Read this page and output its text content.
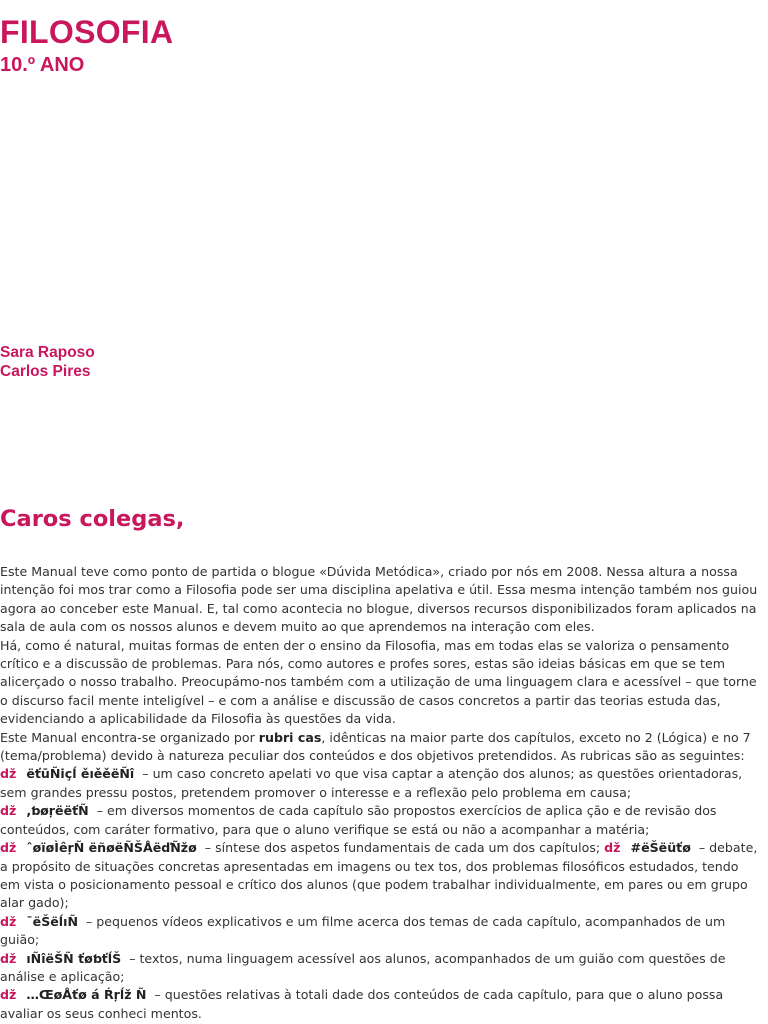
FILOSOFIA
10.º ANO
Sara Raposo
Carlos Pires
Caros colegas,

Este Manual teve como ponto de partida o blogue «Dúvida Metódica», criado por nós em 2008. Nessa altura a nossa intenção foi mos trar como a Filosofia pode ser uma disciplina apelativa e útil. Essa mesma intenção também nos guiou agora ao conceber este Manual. E, tal como acontecia no blogue, diversos recursos disponibilizados foram aplicados na sala de aula com os nossos alunos e devem muito ao que aprendemos na interação com eles.

Há, como é natural, muitas formas de enten der o ensino da Filosofia, mas em todas elas se valoriza o pensamento crítico e a discussão de problemas. Para nós, como autores e profes sores, estas são ideias básicas em que se tem alicerçado o nosso trabalho. Preocupámo-nos também com a utilização de uma linguagem clara e acessível – que torne o discurso facil mente inteligível – e com a análise e discussão de casos concretos a partir das teorias estuda das, evidenciando a aplicabilidade da Filosofia às questões da vida.

Este Manual encontra-se organizado por rubri cas, idênticas na maior parte dos capítulos, exceto no 2 (Lógica) e no 7 (tema/problema) devido à natureza peculiar dos conteúdos e dos objetivos pretendidos. As rubricas são as seguintes:

dž ëťūÑiçĺ ěıěěëÑî – um caso concreto apelati vo que visa captar a atenção dos alunos; as questões orientadoras, sem grandes pressu postos, pretendem promover o interesse e a reflexão pelo problema em causa;

dž ,ƅøŗëëťÑ – em diversos momentos de cada capítulo são propostos exercícios de aplica ção e de revisão dos conteúdos, com caráter formativo, para que o aluno verifique se está ou não a acompanhar a matéria;

dž ˆøïøÌêŗÑ ëñøëÑŠÅëďÑžø – síntese dos aspetos fundamentais de cada um dos capítulos; dž #ëŠëüťø – debate, a propósito de situações concretas apresentadas em imagens ou tex tos, dos problemas filosóficos estudados, tendo em vista o posicionamento pessoal e crítico dos alunos (que podem trabalhar individualmente, em pares ou em grupo alar gado);

dž ¯ëŠëĺıÑ – pequenos vídeos explicativos e um filme acerca dos temas de cada capítulo, acompanhados de um guião;

dž ıÑîëŠÑ ťøƅťĺŠ – textos, numa linguagem acessível aos alunos, acompanhados de um guião com questões de análise e aplicação;

dž …ŒøÅťø á Ŕŗĺž Ñ – questões relativas à totali dade dos conteúdos de cada capítulo, para que o aluno possa avaliar os seus conheci mentos.
